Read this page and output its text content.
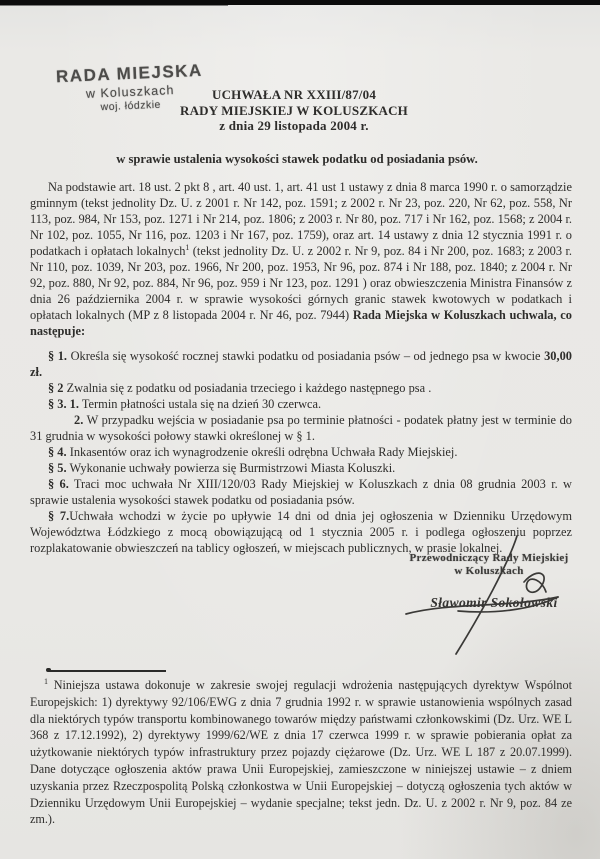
RADA MIEJSKA
w Koluszkach
woj. łódzkie
UCHWAŁA NR XXIII/87/04
RADY MIEJSKIEJ W KOLUSZKACH
z dnia 29 listopada 2004 r.
w sprawie ustalenia wysokości stawek podatku od posiadania psów.

Na podstawie art. 18 ust. 2 pkt 8 , art. 40 ust. 1, art. 41 ust 1 ustawy z dnia 8 marca 1990 r. o samorządzie gminnym (tekst jednolity Dz. U. z 2001 r. Nr 142, poz. 1591; z 2002 r. Nr 23, poz. 220, Nr 62, poz. 558, Nr 113, poz. 984, Nr 153, poz. 1271 i Nr 214, poz. 1806; z 2003 r. Nr 80, poz. 717 i Nr 162, poz. 1568; z 2004 r. Nr 102, poz. 1055, Nr 116, poz. 1203 i Nr 167, poz. 1759), oraz art. 14 ustawy z dnia 12 stycznia 1991 r. o podatkach i opłatach lokalnych$^1$ (tekst jednolity Dz. U. z 2002 r. Nr 9, poz. 84 i Nr 200, poz. 1683; z 2003 r. Nr 110, poz. 1039, Nr 203, poz. 1966, Nr 200, poz. 1953, Nr 96, poz. 874 i Nr 188, poz. 1840; z 2004 r. Nr 92, poz. 880, Nr 92, poz. 884, Nr 96, poz. 959 i Nr 123, poz. 1291 ) oraz obwieszczenia Ministra Finansów z dnia 26 października 2004 r. w sprawie wysokości górnych granic stawek kwotowych w podatkach i opłatach lokalnych (MP z 8 listopada 2004 r. Nr 46, poz. 7944) Rada Miejska w Koluszkach uchwala, co następuje:

§ 1. Określa się wysokość rocznej stawki podatku od posiadania psów – od jednego psa w kwocie 30,00 zł.

§ 2 Zwalnia się z podatku od posiadania trzeciego i każdego następnego psa .

§ 3. 1. Termin płatności ustala się na dzień 30 czerwca.

2. W przypadku wejścia w posiadanie psa po terminie płatności - podatek płatny jest w terminie do 31 grudnia w wysokości połowy stawki określonej w § 1.

§ 4. Inkasentów oraz ich wynagrodzenie określi odrębna Uchwała Rady Miejskiej.

§ 5. Wykonanie uchwały powierza się Burmistrzowi Miasta Koluszki.

§ 6. Traci moc uchwała Nr XIII/120/03 Rady Miejskiej w Koluszkach z dnia 08 grudnia 2003 r. w sprawie ustalenia wysokości stawek podatku od posiadania psów.

§ 7.Uchwała wchodzi w życie po upływie 14 dni od dnia jej ogłoszenia w Dzienniku Urzędowym Województwa Łódzkiego z mocą obowiązującą od 1 stycznia 2005 r. i podlega ogłoszeniu poprzez rozplakatowanie obwieszczeń na tablicy ogłoszeń, w miejscach publicznych, w prasie lokalnej.

Przewodniczący Rady Miejskiej
w Koluszkach
Sławomir Sokołowski

$^1$ Niniejsza ustawa dokonuje w zakresie swojej regulacji wdrożenia następujących dyrektyw Wspólnot Europejskich: 1) dyrektywy 92/106/EWG z dnia 7 grudnia 1992 r. w sprawie ustanowienia wspólnych zasad dla niektórych typów transportu kombinowanego towarów między państwami członkowskimi (Dz. Urz. WE L 368 z 17.12.1992), 2) dyrektywy 1999/62/WE z dnia 17 czerwca 1999 r. w sprawie pobierania opłat za użytkowanie niektórych typów infrastruktury przez pojazdy ciężarowe (Dz. Urz. WE L 187 z 20.07.1999). Dane dotyczące ogłoszenia aktów prawa Unii Europejskiej, zamieszczone w niniejszej ustawie – z dniem uzyskania przez Rzeczpospolitą Polską członkostwa w Unii Europejskiej – dotyczą ogłoszenia tych aktów w Dzienniku Urzędowym Unii Europejskiej – wydanie specjalne; tekst jedn. Dz. U. z 2002 r. Nr 9, poz. 84 ze zm.).
